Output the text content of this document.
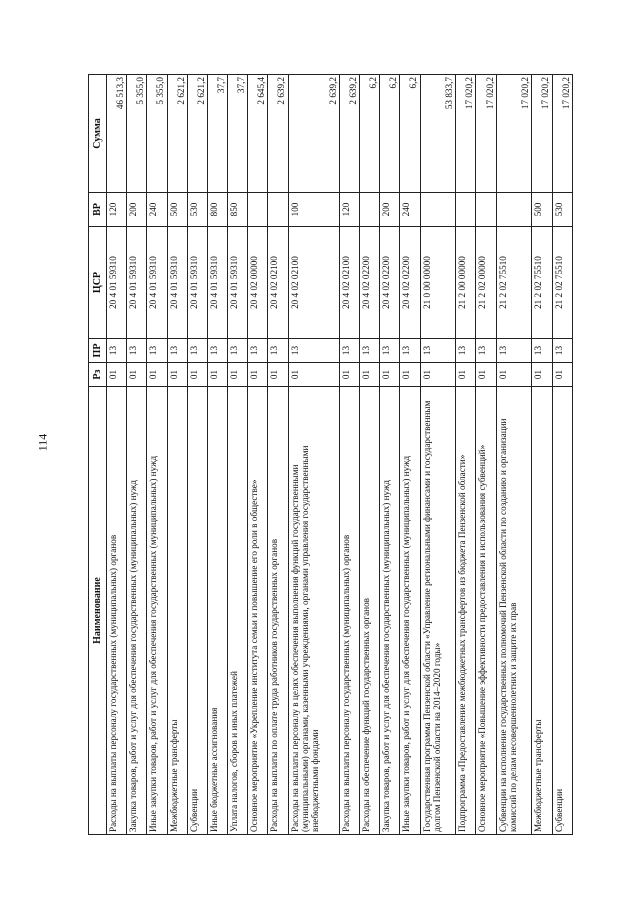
114
Наименование	Рз	ПР	ЦСР	ВР	Сумма
Расходы на выплаты персоналу государственных (муниципальных) органов	01	13	20 4 01 59310	120	46 513,3
Закупка товаров, работ и услуг для обеспечения государственных (муниципальных) нужд	01	13	20 4 01 59310	200	5 355,0
Иные закупки товаров, работ и услуг для обеспечения государственных (муниципальных) нужд	01	13	20 4 01 59310	240	5 355,0
Межбюджетные трансферты	01	13	20 4 01 59310	500	2 621,2
Субвенции	01	13	20 4 01 59310	530	2 621,2
Иные бюджетные ассигнования	01	13	20 4 01 59310	800	37,7
Уплата налогов, сборов и иных платежей	01	13	20 4 01 59310	850	37,7
Основное мероприятие «Укрепление института семьи и повышение его роли в обществе»	01	13	20 4 02 00000		2 645,4
Расходы на выплаты по оплате труда работников государственных органов	01	13	20 4 02 02100		2 639,2
Расходы на выплаты персоналу в целях обеспечения выполнения функций государственными (муниципальными) органами, казенными учреждениями, органами управления государственными внебюджетными фондами	01	13	20 4 02 02100	100	2 639,2
Расходы на выплаты персоналу государственных (муниципальных) органов	01	13	20 4 02 02100	120	2 639,2
Расходы на обеспечение функций государственных органов	01	13	20 4 02 02200		6,2
Закупка товаров, работ и услуг для обеспечения государственных (муниципальных) нужд	01	13	20 4 02 02200	200	6,2
Иные закупки товаров, работ и услуг для обеспечения государственных (муниципальных) нужд	01	13	20 4 02 02200	240	6,2
Государственная программа Пензенской области «Управление региональными финансами и государственным долгом Пензенской области на 2014–2020 годы»	01	13	21 0 00 00000		53 833,7
Подпрограмма «Предоставление межбюджетных трансфертов из бюджета Пензенской области»	01	13	21 2 00 00000		17 020,2
Основное мероприятие «Повышение эффективности предоставления и использования субвенций»	01	13	21 2 02 00000		17 020,2
Субвенции на исполнение государственных полномочий Пензенской области по созданию и организации комиссий по делам несовершеннолетних и защите их прав	01	13	21 2 02 75510		17 020,2
Межбюджетные трансферты	01	13	21 2 02 75510	500	17 020,2
Субвенции	01	13	21 2 02 75510	530	17 020,2
